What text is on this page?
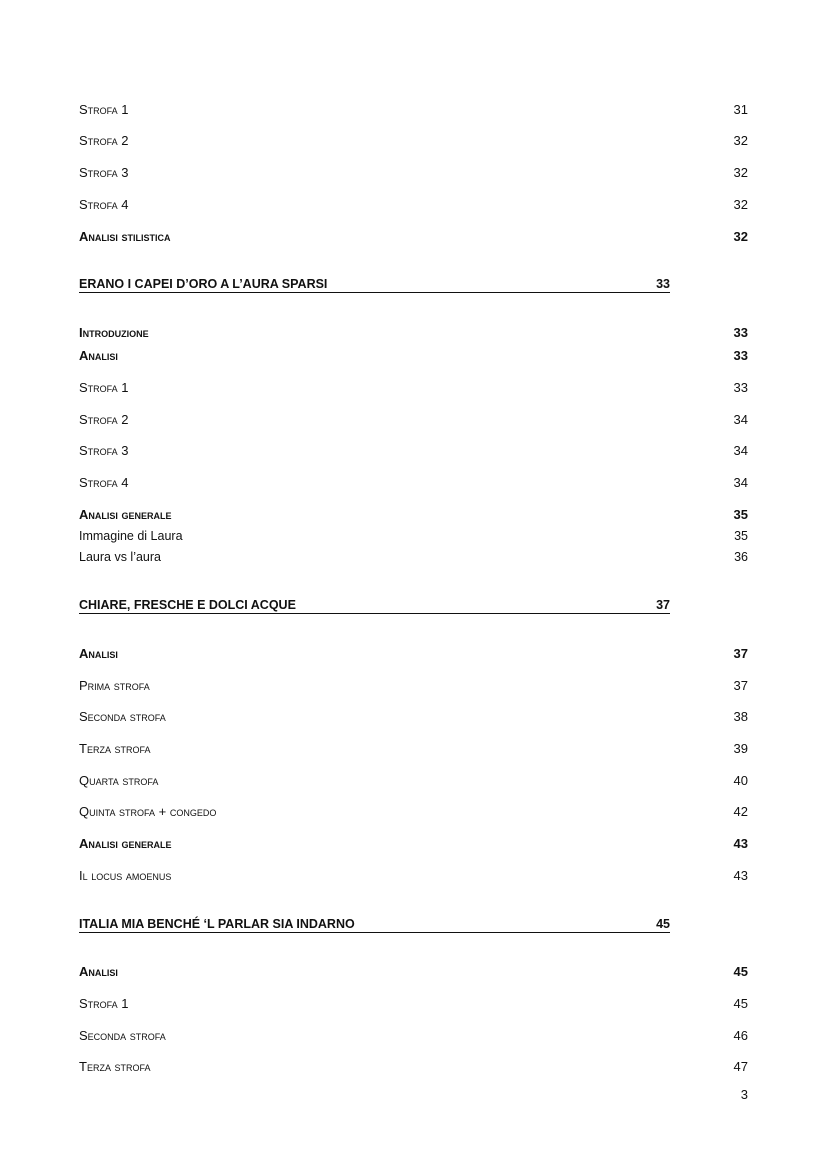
Strofa 1	31
Strofa 2	32
Strofa 3	32
Strofa 4	32
Analisi stilistica	32
ERANO I CAPEI D’ORO A L’AURA SPARSI	33
Introduzione	33
Analisi	33
Strofa 1	33
Strofa 2	34
Strofa 3	34
Strofa 4	34
Analisi generale	35
Immagine di Laura	35
Laura vs l’aura	36
CHIARE, FRESCHE E DOLCI ACQUE	37
Analisi	37
Prima strofa	37
Seconda strofa	38
Terza strofa	39
Quarta strofa	40
Quinta strofa + congedo	42
Analisi generale	43
Il locus amoenus	43
ITALIA MIA BENCHÉ ‘L PARLAR SIA INDARNO	45
Analisi	45
Strofa 1	45
Seconda strofa	46
Terza strofa	47
3
